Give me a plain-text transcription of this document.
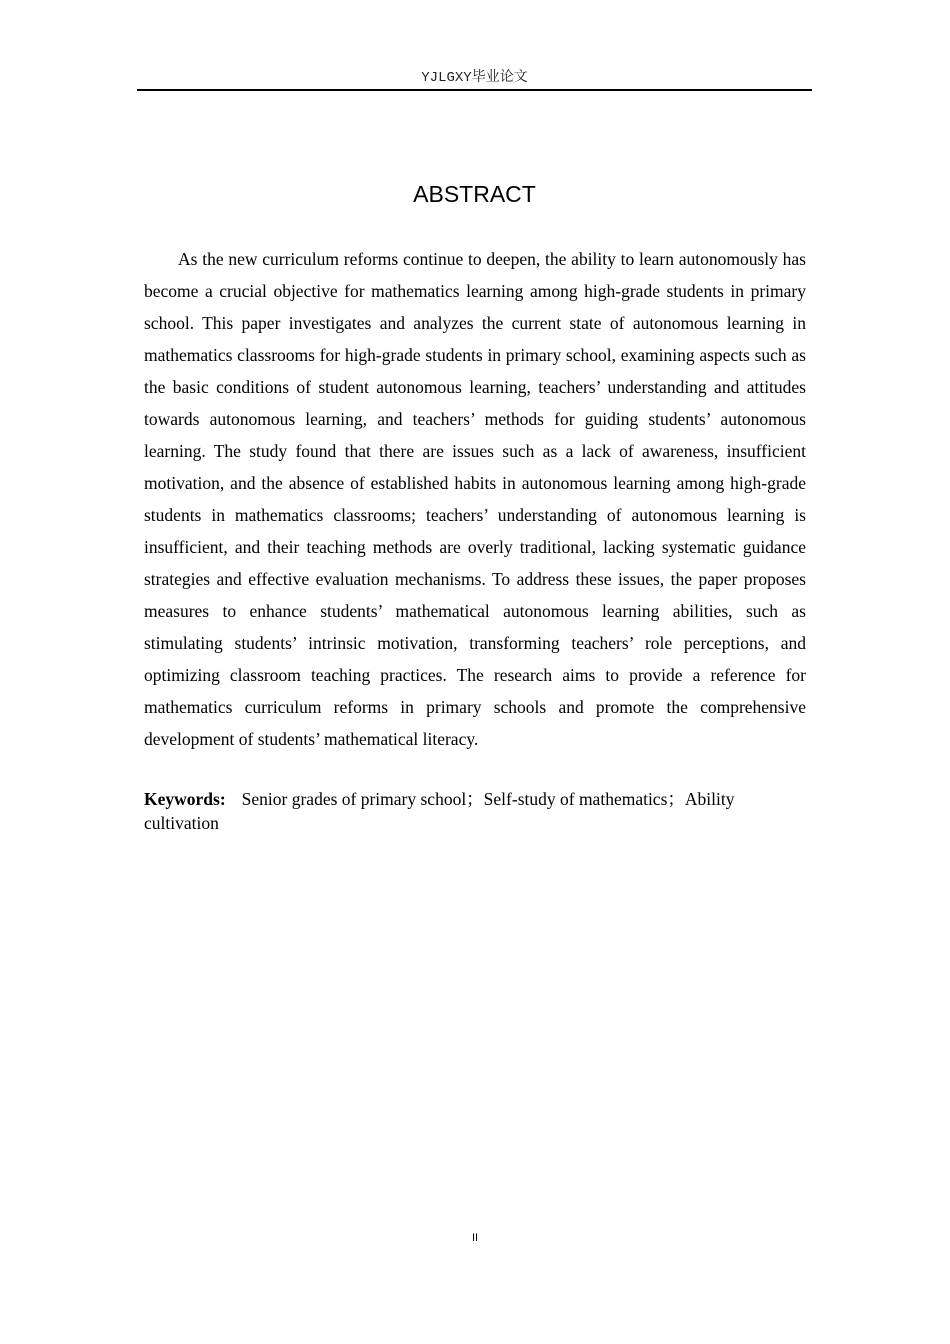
YJLGXY毕业论文
ABSTRACT

As the new curriculum reforms continue to deepen, the ability to learn autonomously has become a crucial objective for mathematics learning among high-grade students in primary school. This paper investigates and analyzes the current state of autonomous learning in mathematics classrooms for high-grade students in primary school, examining aspects such as the basic conditions of student autonomous learning, teachers’ understanding and attitudes towards autonomous learning, and teachers’ methods for guiding students’ autonomous learning. The study found that there are issues such as a lack of awareness, insufficient motivation, and the absence of established habits in autonomous learning among high-grade students in mathematics classrooms; teachers’ understanding of autonomous learning is insufficient, and their teaching methods are overly traditional, lacking systematic guidance strategies and effective evaluation mechanisms. To address these issues, the paper proposes measures to enhance students’ mathematical autonomous learning abilities, such as stimulating students’ intrinsic motivation, transforming teachers’ role perceptions, and optimizing classroom teaching practices. The research aims to provide a reference for mathematics curriculum reforms in primary schools and promote the comprehensive development of students’ mathematical literacy.

Keywords: Senior grades of primary school；Self-study of mathematics；Ability cultivation

II
